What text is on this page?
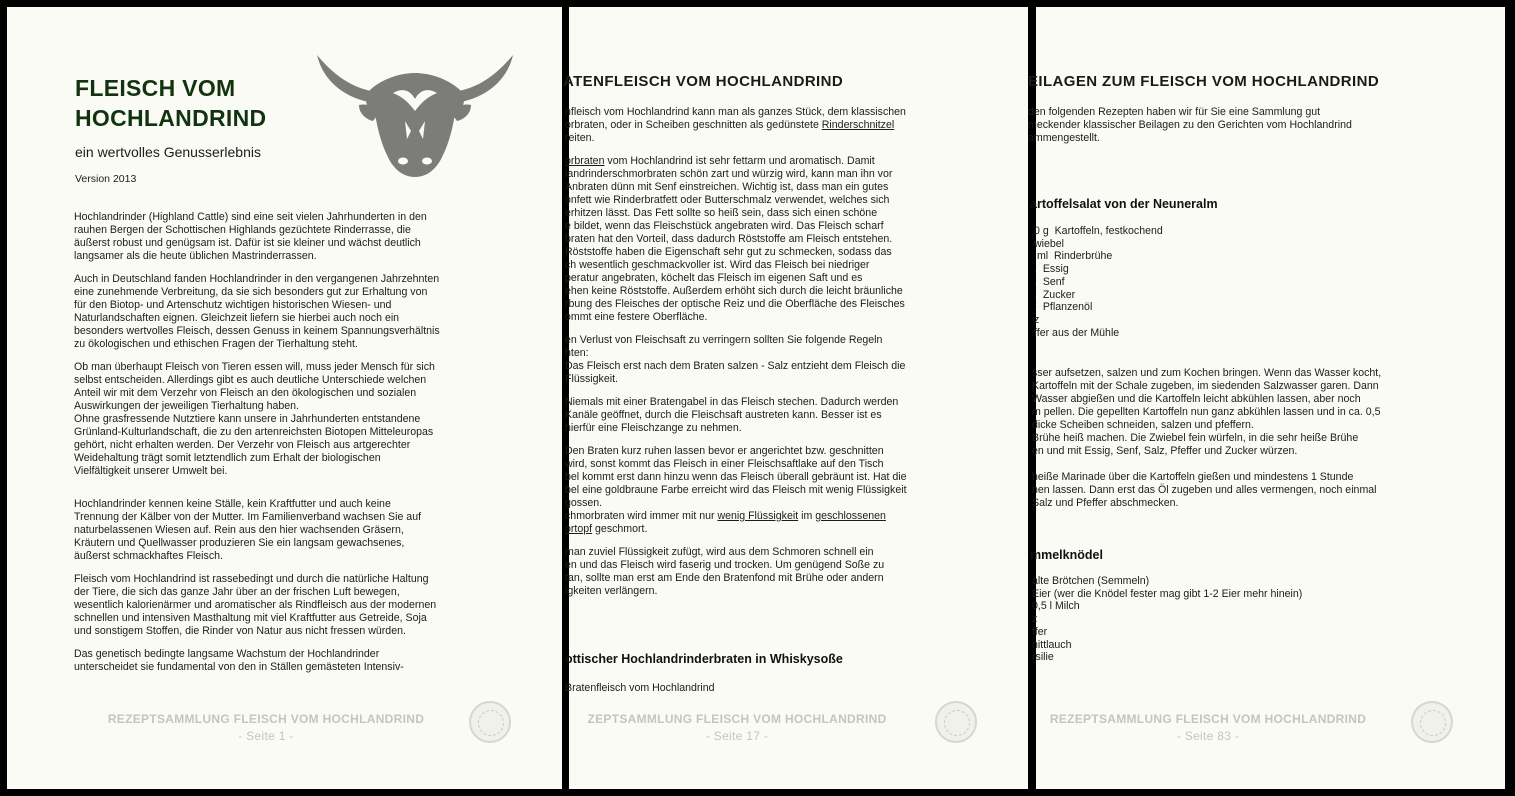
FLEISCH VOM
HOCHLANDRIND

ein wertvolles Genusserlebnis

Version 2013

Hochlandrinder (Highland Cattle) sind eine seit vielen Jahrhunderten in den
rauhen Bergen der Schottischen Highlands gezüchtete Rinderrasse, die
äußerst robust und genügsam ist. Dafür ist sie kleiner und wächst deutlich
langsamer als die heute üblichen Mastrinderrassen.

Auch in Deutschland fanden Hochlandrinder in den vergangenen Jahrzehnten
eine zunehmende Verbreitung, da sie sich besonders gut zur Erhaltung von
für den Biotop- und Artenschutz wichtigen historischen Wiesen- und
Naturlandschaften eignen. Gleichzeit liefern sie hierbei auch noch ein
besonders wertvolles Fleisch, dessen Genuss in keinem Spannungsverhältnis
zu ökologischen und ethischen Fragen der Tierhaltung steht.

Ob man überhaupt Fleisch von Tieren essen will, muss jeder Mensch für sich
selbst entscheiden. Allerdings gibt es auch deutliche Unterschiede welchen
Anteil wir mit dem Verzehr von Fleisch an den ökologischen und sozialen
Auswirkungen der jeweiligen Tierhaltung haben.
Ohne grasfressende Nutztiere kann unsere in Jahrhunderten entstandene
Grünland-Kulturlandschaft, die zu den artenreichsten Biotopen Mitteleuropas
gehört, nicht erhalten werden. Der Verzehr von Fleisch aus artgerechter
Weidehaltung trägt somit letztendlich zum Erhalt der biologischen
Vielfältigkeit unserer Umwelt bei.

Hochlandrinder kennen keine Ställe, kein Kraftfutter und auch keine
Trennung der Kälber von der Mutter. Im Familienverband wachsen Sie auf
naturbelassenen Wiesen auf. Rein aus den hier wachsenden Gräsern,
Kräutern und Quellwasser produzieren Sie ein langsam gewachsenes,
äußerst schmackhaftes Fleisch.

Fleisch vom Hochlandrind ist rassebedingt und durch die natürliche Haltung
der Tiere, die sich das ganze Jahr über an der frischen Luft bewegen,
wesentlich kalorienärmer und aromatischer als Rindfleisch aus der modernen
schnellen und intensiven Masthaltung mit viel Kraftfutter aus Getreide, Soja
und sonstigem Stoffen, die Rinder von Natur aus nicht fressen würden.

Das genetisch bedingte langsame Wachstum der Hochlandrinder
unterscheidet sie fundamental von den in Ställen gemästeten Intensiv-

REZEPTSAMMLUNG FLEISCH VOM HOCHLANDRIND
- Seite 1 -
ATENFLEISCH VOM HOCHLANDRIND

nfleisch vom Hochlandrind kann man als ganzes Stück, dem klassischen
orbraten, oder in Scheiben geschnitten als gedünstete Rinderschnitzel
reiten.

orbraten vom Hochlandrind ist sehr fettarm und aromatisch. Damit
landrinderschmorbraten schön zart und würzig wird, kann man ihn vor
Anbraten dünn mit Senf einstreichen. Wichtig ist, dass man ein gutes
onfett wie Rinderbratfett oder Butterschmalz verwendet, welches sich
erhitzen lässt. Das Fett sollte so heiß sein, dass sich einen schöne
e bildet, wenn das Fleischstück angebraten wird. Das Fleisch scharf
braten hat den Vorteil, dass dadurch Röststoffe am Fleisch entstehen.
Röststoffe haben die Eigenschaft sehr gut zu schmecken, sodass das
ch wesentlich geschmackvoller ist. Wird das Fleisch bei niedriger
peratur angebraten, köchelt das Fleisch im eigenen Saft und es
ehen keine Röststoffe. Außerdem erhöht sich durch die leicht bräunliche
rbung des Fleisches der optische Reiz und die Oberfläche des Fleisches
ommt eine festere Oberfläche.

en Verlust von Fleischsaft zu verringern sollten Sie folgende Regeln
hten:

Das Fleisch erst nach dem Braten salzen - Salz entzieht dem Fleisch die
Flüssigkeit.
Niemals mit einer Bratengabel in das Fleisch stechen. Dadurch werden
Kanäle geöffnet, durch die Fleischsaft austreten kann. Besser ist es
hierfür eine Fleischzange zu nehmen.
Den Braten kurz ruhen lassen bevor er angerichtet bzw. geschnitten
wird, sonst kommt das Fleisch in einer Fleischsaftlake auf den Tisch

bel kommt erst dann hinzu wenn das Fleisch überall gebräunt ist. Hat die
bel eine goldbraune Farbe erreicht wird das Fleisch mit wenig Flüssigkeit
gossen.

chmorbraten wird immer mit nur wenig Flüssigkeit im geschlossenen
ortopf geschmort.

man zuviel Flüssigkeit zufügt, wird aus dem Schmoren schnell ein
en und das Fleisch wird faserig und trocken. Um genügend Soße zu
tan, sollte man erst am Ende den Bratenfond mit Brühe oder andern
igkeiten verlängern.

ottischer Hochlandrinderbraten in Whiskysoße

Bratenfleisch vom Hochlandrind

ZEPTSAMMLUNG FLEISCH VOM HOCHLANDRIND
- Seite 17 -
EILAGEN ZUM FLEISCH VOM HOCHLANDRIND

den folgenden Rezepten haben wir für Sie eine Sammlung gut
meckender klassischer Beilagen zu den Gerichten vom Hochlandrind
ammengestellt.

artoffelsalat von der Neuneralm

0 g  Kartoffeln, festkochend

wiebel

ml  Rinderbrühe

.  Essig

.  Senf

.  Zucker

.  Pflanzenöl

z

ffer aus der Mühle

sser aufsetzen, salzen und zum Kochen bringen. Wenn das Wasser kocht,
Kartoffeln mit der Schale zugeben, im siedenden Salzwasser garen. Dann
Wasser abgießen und die Kartoffeln leicht abkühlen lassen, aber noch
m pellen. Die gepellten Kartoffeln nun ganz abkühlen lassen und in ca. 0,5
dicke Scheiben schneiden, salzen und pfeffern.
Brühe heiß machen. Die Zwiebel fein würfeln, in die sehr heiße Brühe
en und mit Essig, Senf, Salz, Pfeffer und Zucker würzen.

heiße Marinade über die Kartoffeln gießen und mindestens 1 Stunde
hen lassen. Dann erst das Öl zugeben und alles vermengen, noch einmal
Salz und Pfeffer abschmecken.

mmelknödel

alte Brötchen (Semmeln)

Eier (wer die Knödel fester mag gibt 1-2 Eier mehr hinein)

0,5 l Milch

z

ffer

nittlauch

rsilie

REZEPTSAMMLUNG FLEISCH VOM HOCHLANDRIND
- Seite 83 -
